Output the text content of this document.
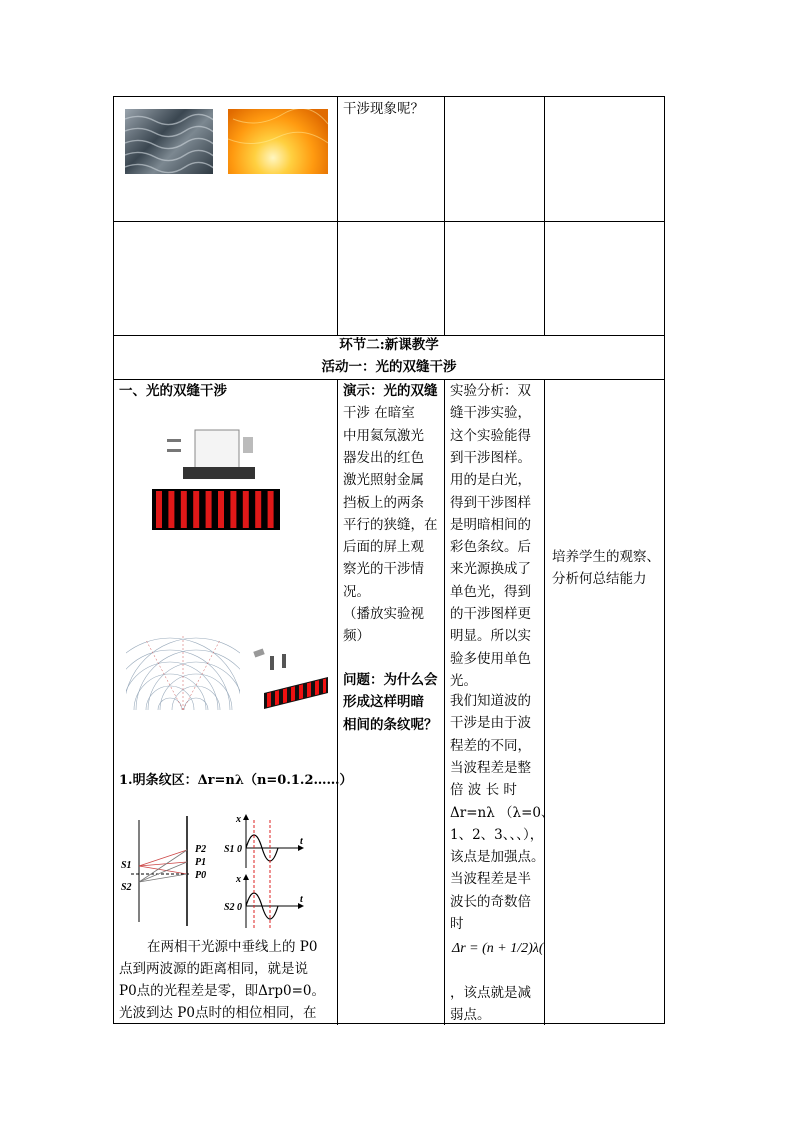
干涉现象呢？
环节二:新课教学
活动一：光的双缝干涉
一、光的双缝干涉
1.明条纹区：Δr=nλ（n=0.1.2……）
S1
S2
P2
P1
P0
x
t
S1 0
x
t
S2 0
在两相干光源中垂线上的 P0
点到两波源的距离相同，就是说
P0点的光程差是零，即Δrp0=0。
光波到达 P0点时的相位相同，在
演示：光的双缝
干涉 在暗室
中用氦氖激光
器发出的红色
激光照射金属
挡板上的两条
平行的狭缝，在
后面的屏上观
察光的干涉情
况。
（播放实验视
频）
问题：为什么会
形成这样明暗
相间的条纹呢？
实验分析：双
缝干涉实验，
这个实验能得
到干涉图样。
用的是白光，
得到干涉图样
是明暗相间的
彩色条纹。后
来光源换成了
单色光，得到
的干涉图样更
明显。所以实
验多使用单色
光。
我们知道波的
干涉是由于波
程差的不同，
当波程差是整
倍 波 长 时
Δr=nλ （λ=0、
1、2、3、、、），
该点是加强点。
当波程差是半
波长的奇数倍
时
Δr = (n + 1/2)λ(
，该点就是减
弱点。
培养学生的观察、
分析何总结能力
